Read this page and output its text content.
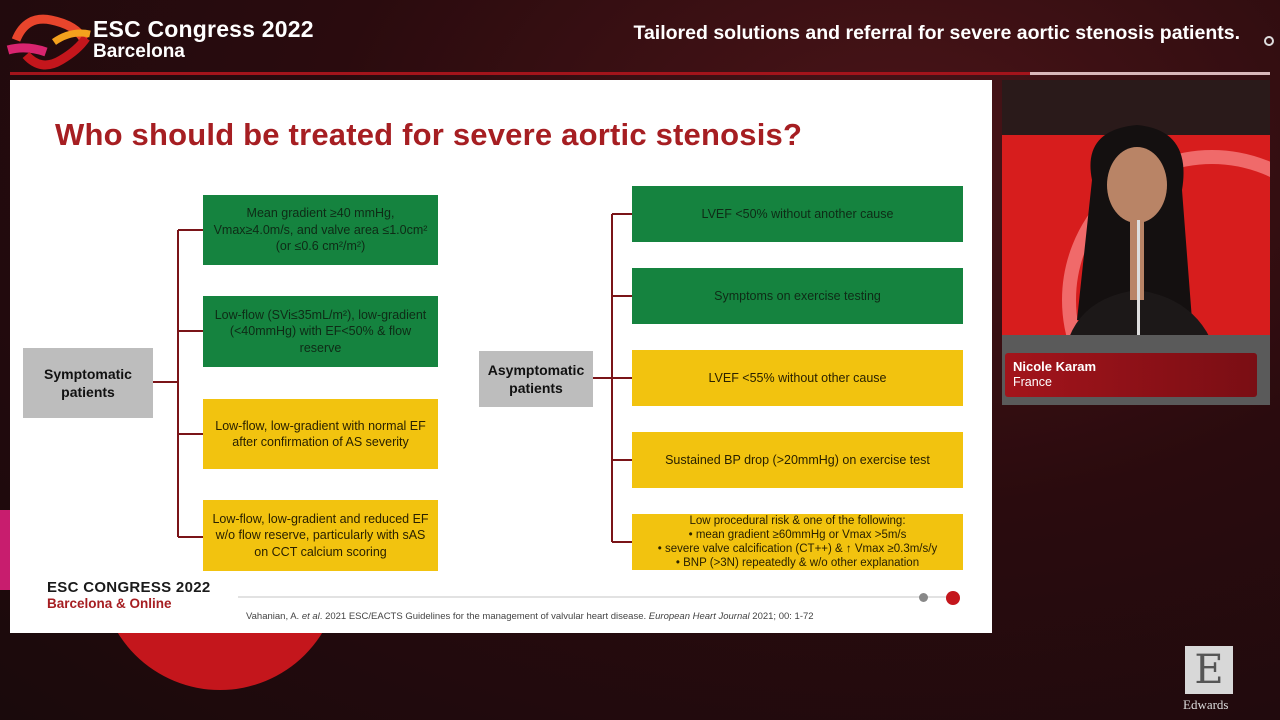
ESC Congress 2022
Barcelona
Tailored solutions and referral for severe aortic stenosis patients.
Who should be treated for severe aortic stenosis?
Symptomatic patients
Mean gradient ≥40 mmHg, Vmax≥4.0m/s, and valve area ≤1.0cm² (or ≤0.6 cm²/m²)
Low-flow (SVi≤35mL/m²), low-gradient (<40mmHg) with EF<50% & flow reserve
Low-flow, low-gradient with normal EF after confirmation of AS severity
Low-flow, low-gradient and reduced EF w/o flow reserve, particularly with sAS on CCT calcium scoring
Asymptomatic patients
LVEF <50% without another cause
Symptoms on exercise testing
LVEF <55% without other cause
Sustained BP drop (>20mmHg) on exercise test
Low procedural risk & one of the following:
• mean gradient ≥60mmHg or Vmax >5m/s
• severe valve calcification (CT++) & ↑ Vmax ≥0.3m/s/y
• BNP (>3N) repeatedly & w/o other explanation
ESC CONGRESS 2022
Barcelona & Online
Vahanian, A. et al. 2021 ESC/EACTS Guidelines for the management of valvular heart disease. European Heart Journal 2021; 00: 1-72
Nicole Karam
France
E
Edwards
